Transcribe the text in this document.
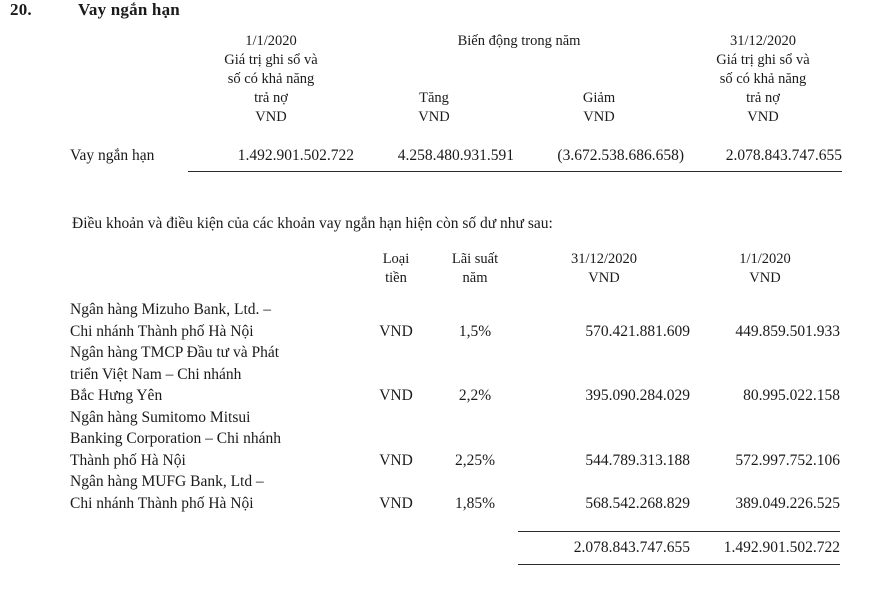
20.	Vay ngắn hạn
	1/1/2020	Biến động trong năm		31/12/2020
	Giá trị ghi sổ và			Giá trị ghi sổ và
	số có khả năng			số có khả năng
	trả nợ	Tăng	Giảm	trả nợ
	VND	VND	VND	VND

Vay ngắn hạn	1.492.901.502.722	4.258.480.931.591	(3.672.538.686.658)	2.078.843.747.655

Điều khoản và điều kiện của các khoản vay ngắn hạn hiện còn số dư như sau:
	Loại	Lãi suất	31/12/2020	1/1/2020
	tiền	năm	VND	VND

Ngân hàng Mizuho Bank, Ltd. –
Chi nhánh Thành phố Hà Nội	VND	1,5%	570.421.881.609	449.859.501.933

Ngân hàng TMCP Đầu tư và Phát
triển Việt Nam – Chi nhánh
Bắc Hưng Yên	VND	2,2%	395.090.284.029	80.995.022.158

Ngân hàng Sumitomo Mitsui
Banking Corporation – Chi nhánh
Thành phố Hà Nội	VND	2,25%	544.789.313.188	572.997.752.106

Ngân hàng MUFG Bank, Ltd –
Chi nhánh Thành phố Hà Nội	VND	1,85%	568.542.268.829	389.049.226.525

			2.078.843.747.655	1.492.901.502.722
